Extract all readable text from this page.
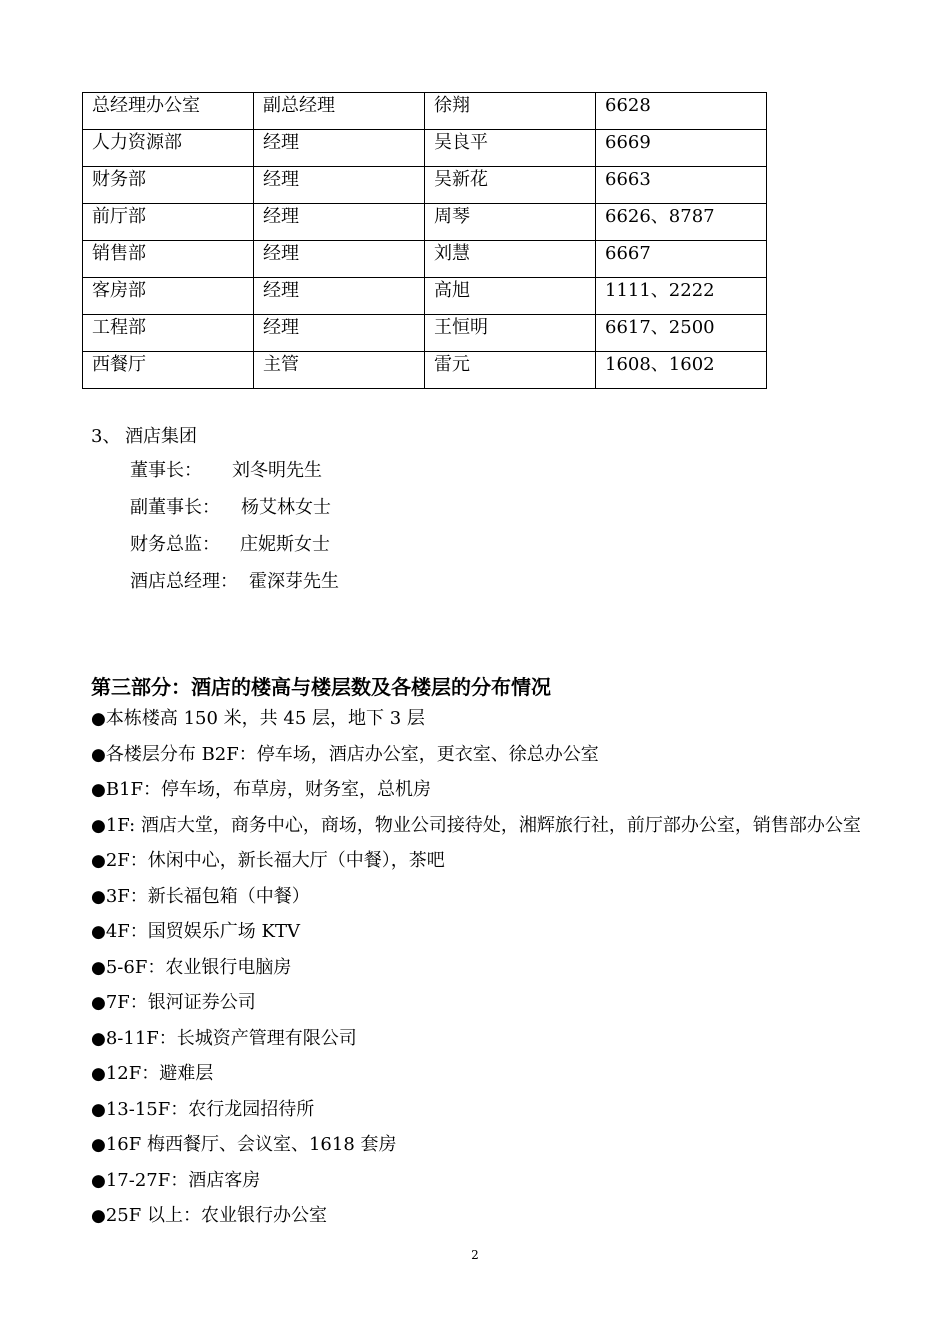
总经理办公室	副总经理	徐翔	6628
人力资源部	经理	吴良平	6669
财务部	经理	吴新花	6663
前厅部	经理	周琴	6626、8787
销售部	经理	刘慧	6667
客房部	经理	高旭	1111、2222
工程部	经理	王恒明	6617、2500
西餐厅	主管	雷元	1608、1602
3、 酒店集团
董事长： 刘冬明先生
副董事长： 杨艾林女士
财务总监： 庄妮斯女士
酒店总经理： 霍深芽先生
第三部分：酒店的楼高与楼层数及各楼层的分布情况
●本栋楼高 150 米，共 45 层，地下 3 层
●各楼层分布 B2F：停车场，酒店办公室，更衣室、徐总办公室
●B1F：停车场，布草房，财务室，总机房
●1F: 酒店大堂，商务中心，商场，物业公司接待处，湘辉旅行社，前厅部办公室，销售部办公室
●2F：休闲中心，新长福大厅（中餐），茶吧
●3F：新长福包箱（中餐）
●4F：国贸娱乐广场 KTV
●5-6F：农业银行电脑房
●7F：银河证券公司
●8-11F：长城资产管理有限公司
●12F：避难层
●13-15F：农行龙园招待所
●16F 梅西餐厅、会议室、1618 套房
●17-27F：酒店客房
●25F 以上：农业银行办公室
2
